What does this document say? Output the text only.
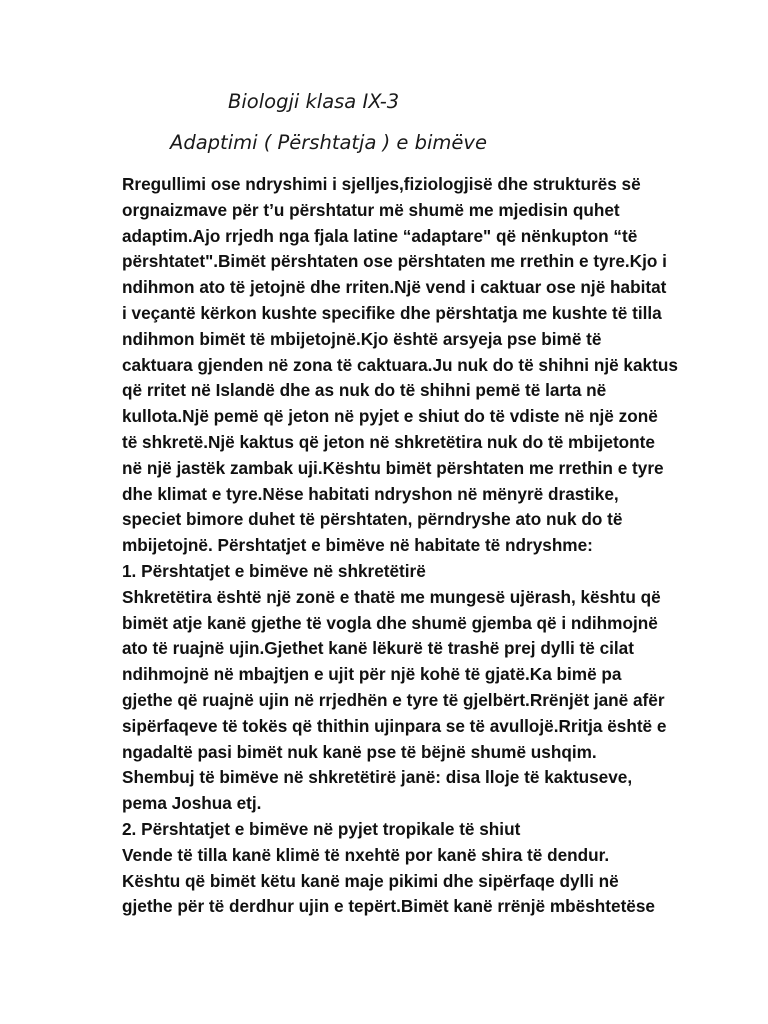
Biologji klasa IX-3
Adaptimi ( Përshtatja ) e bimëve
Rregullimi ose ndryshimi i sjelljes,fiziologjisë dhe strukturës së
orgnaizmave për t’u përshtatur më shumë me mjedisin quhet
adaptim.Ajo rrjedh nga fjala latine “adaptare" që nënkupton “të
përshtatet".Bimët përshtaten ose përshtaten me rrethin e tyre.Kjo i
ndihmon ato të jetojnë dhe rriten.Një vend i caktuar ose një habitat
i veçantë kërkon kushte specifike dhe përshtatja me kushte të tilla
ndihmon bimët të mbijetojnë.Kjo është arsyeja pse bimë të
caktuara gjenden në zona të caktuara.Ju nuk do të shihni një kaktus
që rritet në Islandë dhe as nuk do të shihni pemë të larta në
kullota.Një pemë që jeton në pyjet e shiut do të vdiste në një zonë
të shkretë.Një kaktus që jeton në shkretëtira nuk do të mbijetonte
në një jastëk zambak uji.Kështu bimët përshtaten me rrethin e tyre
dhe klimat e tyre.Nëse habitati ndryshon në mënyrë drastike,
speciet bimore duhet të përshtaten, përndryshe ato nuk do të
mbijetojnë. Përshtatjet e bimëve në habitate të ndryshme:
1. Përshtatjet e bimëve në shkretëtirë
Shkretëtira është një zonë e thatë me mungesë ujërash, kështu që
bimët atje kanë gjethe të vogla dhe shumë gjemba që i ndihmojnë
ato të ruajnë ujin.Gjethet kanë lëkurë të trashë prej dylli të cilat
ndihmojnë në mbajtjen e ujit për një kohë të gjatë.Ka bimë pa
gjethe që ruajnë ujin në rrjedhën e tyre të gjelbërt.Rrënjët janë afër
sipërfaqeve të tokës që thithin ujinpara se të avullojë.Rritja është e
ngadaltë pasi bimët nuk kanë pse të bëjnë shumë ushqim.
Shembuj të bimëve në shkretëtirë janë: disa lloje të kaktuseve,
pema Joshua etj.
2. Përshtatjet e bimëve në pyjet tropikale të shiut
Vende të tilla kanë klimë të nxehtë por kanë shira të dendur.
Kështu që bimët këtu kanë maje pikimi dhe sipërfaqe dylli në
gjethe për të derdhur ujin e tepërt.Bimët kanë rrënjë mbështetëse
